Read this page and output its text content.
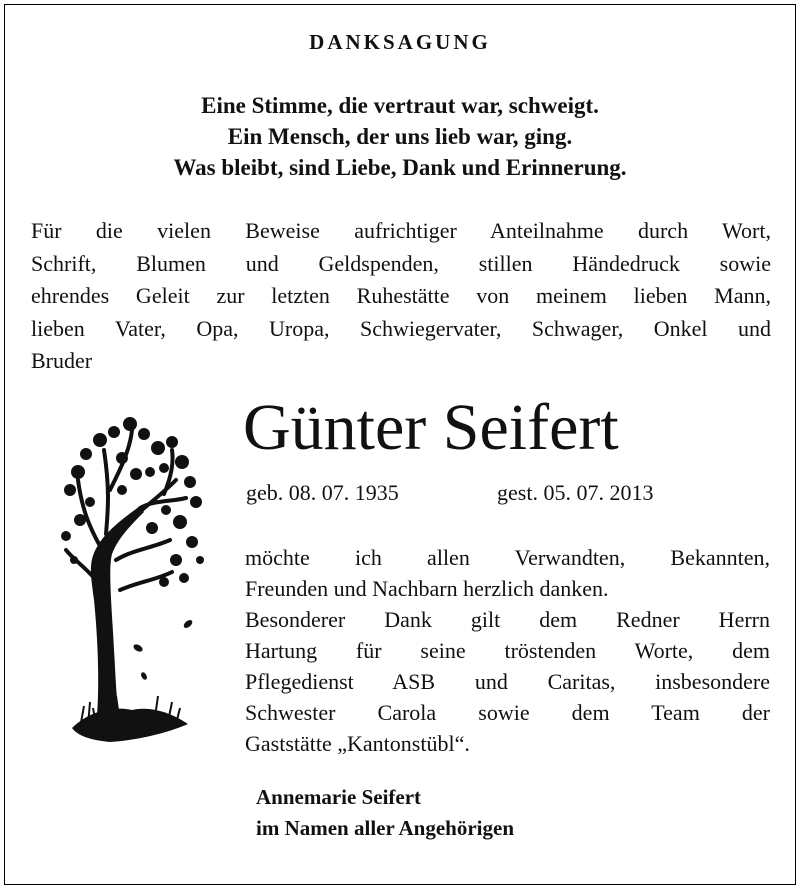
DANKSAGUNG
Eine Stimme, die vertraut war, schweigt.
Ein Mensch, der uns lieb war, ging.
Was bleibt, sind Liebe, Dank und Erinnerung.
Für die vielen Beweise aufrichtiger Anteilnahme durch Wort,
Schrift, Blumen und Geldspenden, stillen Händedruck sowie
ehrendes Geleit zur letzten Ruhestätte von meinem lieben Mann,
lieben Vater, Opa, Uropa, Schwiegervater, Schwager, Onkel und
Bruder
Günter Seifert
geb. 08. 07. 1935	gest. 05. 07. 2013

möchte ich allen Verwandten, Bekannten,

Freunden und Nachbarn herzlich danken.

Besonderer Dank gilt dem Redner Herrn

Hartung für seine tröstenden Worte, dem

Pflegedienst ASB und Caritas, insbesondere

Schwester Carola sowie dem Team der

Gaststätte „Kantonstübl“.

Annemarie Seifert
im Namen aller Angehörigen
